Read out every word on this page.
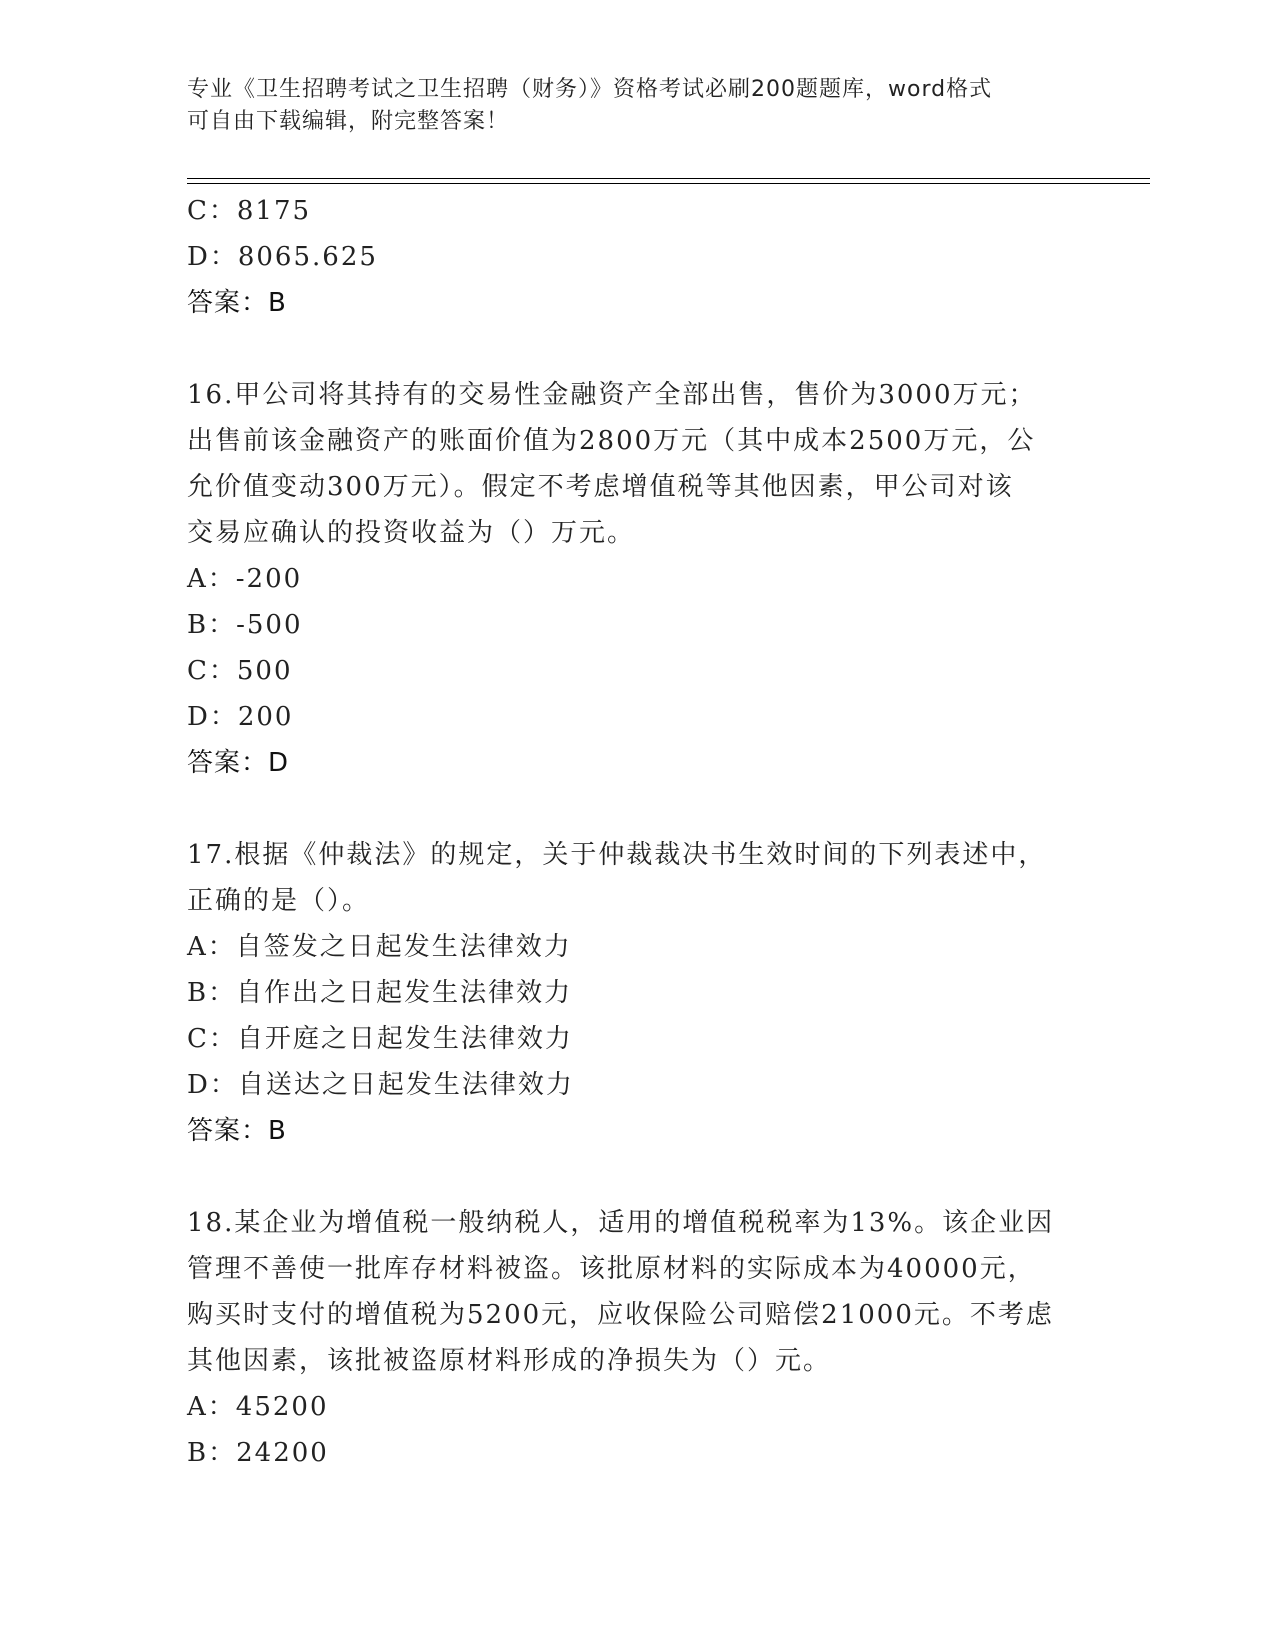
专业《卫生招聘考试之卫生招聘（财务）》资格考试必刷200题题库，word格式
可自由下载编辑，附完整答案！
C：8175
D：8065.625
答案：B
16.甲公司将其持有的交易性金融资产全部出售，售价为3000万元；
出售前该金融资产的账面价值为2800万元（其中成本2500万元，公
允价值变动300万元）。假定不考虑增值税等其他因素，甲公司对该
交易应确认的投资收益为（）万元。
A：-200
B：-500
C：500
D：200
答案：D
17.根据《仲裁法》的规定，关于仲裁裁决书生效时间的下列表述中，
正确的是（）。
A：自签发之日起发生法律效力
B：自作出之日起发生法律效力
C：自开庭之日起发生法律效力
D：自送达之日起发生法律效力
答案：B
18.某企业为增值税一般纳税人，适用的增值税税率为13%。该企业因
管理不善使一批库存材料被盗。该批原材料的实际成本为40000元，
购买时支付的增值税为5200元，应收保险公司赔偿21000元。不考虑
其他因素，该批被盗原材料形成的净损失为（）元。
A：45200
B：24200
